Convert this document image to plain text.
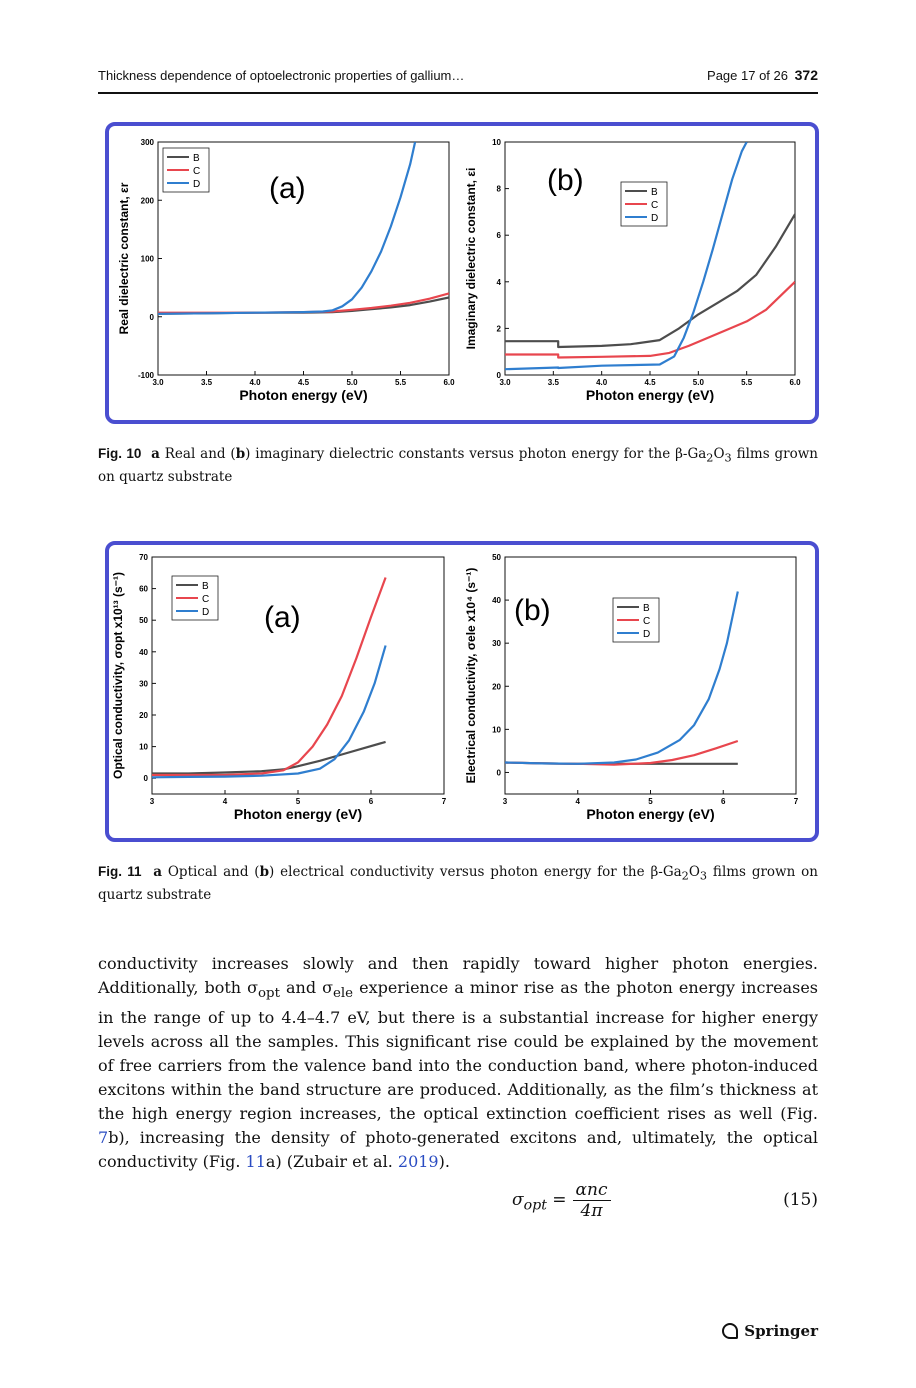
Thickness dependence of optoelectronic properties of gallium…	Page 17 of 26 372
3.0	3.5	4.0	4.5	5.0	5.5	6.0
-100
0
100
200
300
Photon energy (eV)
Real dielectric constant, εr	(a)
B
C
D
3.0	3.5	4.0	4.5	5.0	5.5	6.0
0
2
4
6
8
10
Photon energy (eV)
Imaginary dielectric constant, εi (b)	B
C
D
Fig. 10 a Real and (b) imaginary dielectric constants versus photon energy for the $\beta-Ga_2O_3$ films grown on quartz substrate
3	4	5	6	7
0
10
20
30
40
50
60
70
Photon energy (eV)
Optical conductivity, σopt x10¹³ (s⁻¹)	(a)
B
C
D
3	4	5	6	7
0
10
20
30
40
50
Photon energy (eV)
Electrical conductivity, σele x10⁴ (s⁻¹) (b)	B
C
D
Fig. 11 a Optical and (b) electrical conductivity versus photon energy for the $\beta-Ga_2O_3$ films grown on quartz substrate
conductivity increases slowly and then rapidly toward higher photon energies. Additionally, both $\sigma_{opt}$ and $\sigma_{ele}$ experience a minor rise as the photon energy increases in the range of up to 4.4–4.7 eV, but there is a substantial increase for higher energy levels across all the samples. This significant rise could be explained by the movement of free carriers from the valence band into the conduction band, where photon-induced excitons within the band structure are produced. Additionally, as the film’s thickness at the high energy region increases, the optical extinction coefficient rises as well (Fig. 7b), increasing the density of photo-generated excitons and, ultimately, the optical conductivity (Fig. 11a) (Zubair et al. 2019).
$\sigma_{opt} = \frac{\text{αnc}}{4\pi}$	(15)
Springer
